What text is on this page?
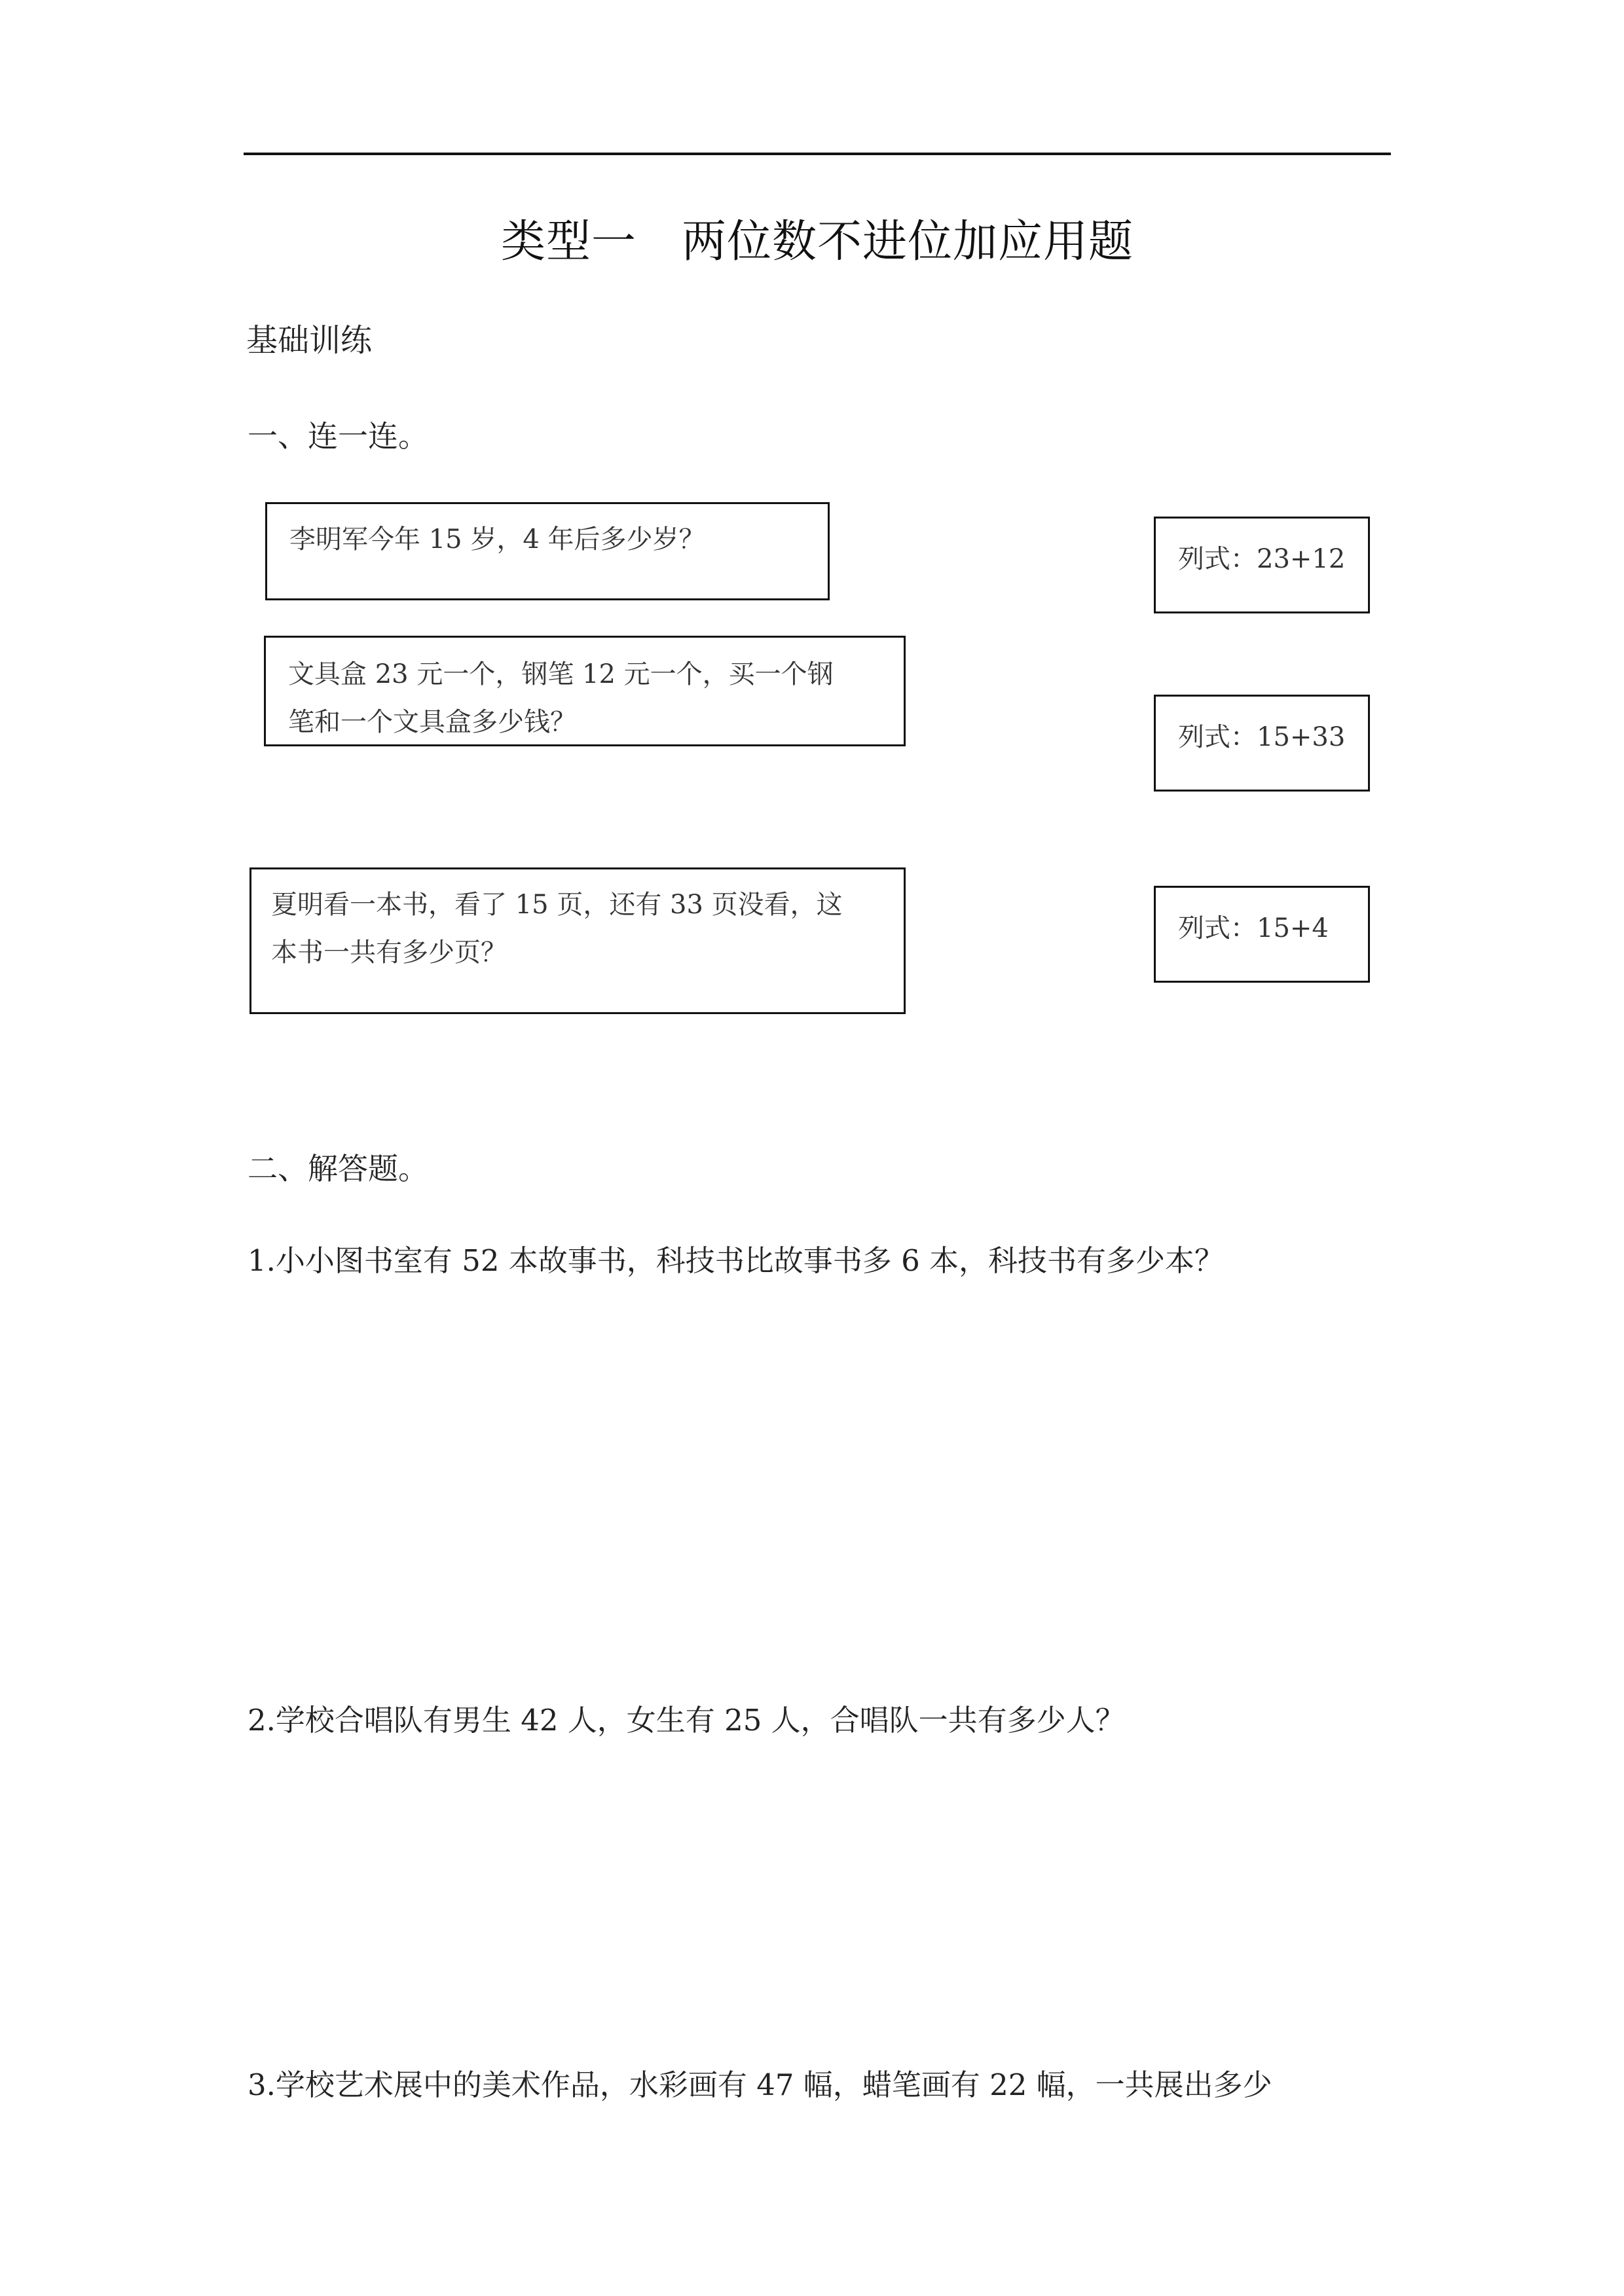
类型一　两位数不进位加应用题
基础训练
一、连一连。
李明军今年 15 岁，4 年后多少岁？
文具盒 23 元一个，钢笔 12 元一个，买一个钢
笔和一个文具盒多少钱？
夏明看一本书，看了 15 页，还有 33 页没看，这
本书一共有多少页？
列式：23+12
列式：15+33
列式：15+4
二、解答题。
1.小小图书室有 52 本故事书，科技书比故事书多 6 本，科技书有多少本？
2.学校合唱队有男生 42 人，女生有 25 人，合唱队一共有多少人？
3.学校艺术展中的美术作品，水彩画有 47 幅，蜡笔画有 22 幅，一共展出多少
